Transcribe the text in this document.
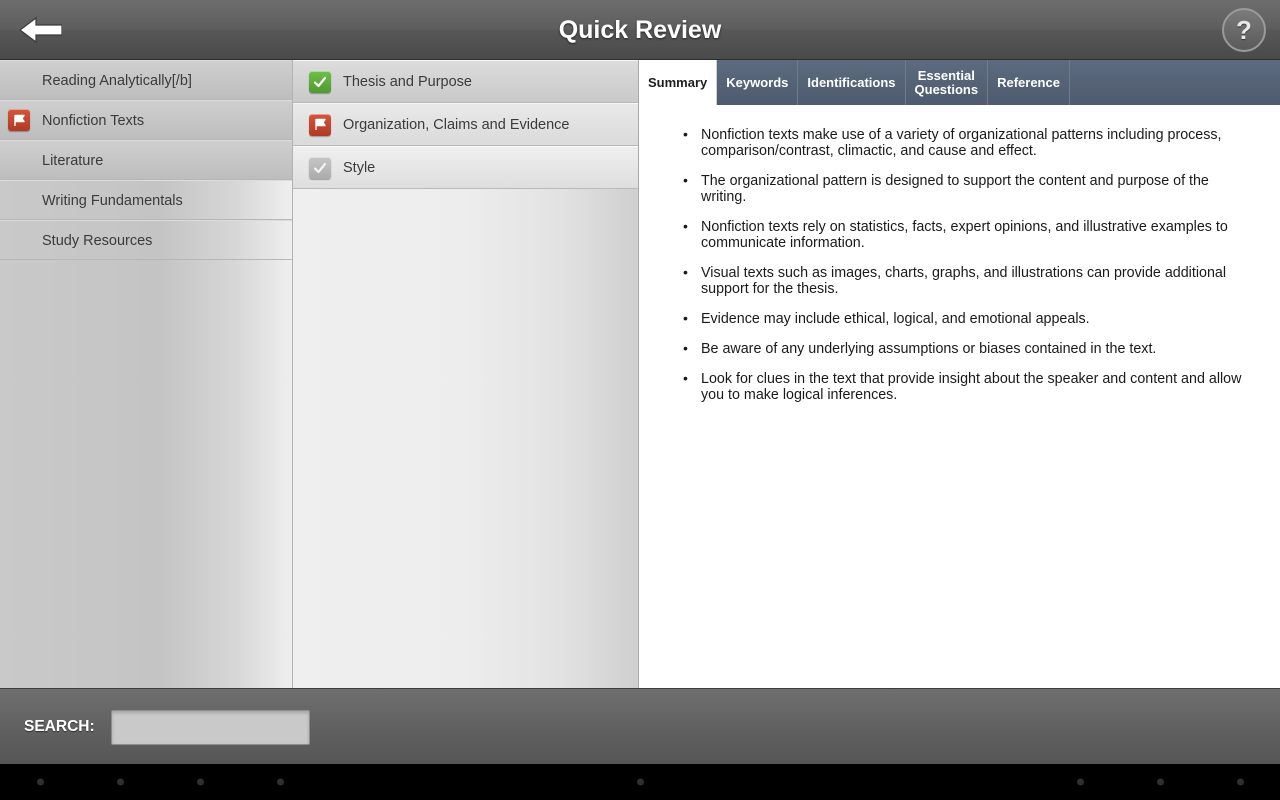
Quick Review	?
Reading Analytically[/b]
Nonfiction Texts
Literature
Writing Fundamentals
Study Resources
Thesis and Purpose
Organization, Claims and Evidence
Style
Summary Keywords Identifications Essential
Questions Reference
• Nonfiction texts make use of a variety of organizational patterns including process, comparison/contrast, climactic, and cause and effect.
• The organizational pattern is designed to support the content and purpose of the writing.
• Nonfiction texts rely on statistics, facts, expert opinions, and illustrative examples to communicate information.
• Visual texts such as images, charts, graphs, and illustrations can provide additional support for the thesis.
• Evidence may include ethical, logical, and emotional appeals.
• Be aware of any underlying assumptions or biases contained in the text.
• Look for clues in the text that provide insight about the speaker and content and allow you to make logical inferences.
SEARCH:
